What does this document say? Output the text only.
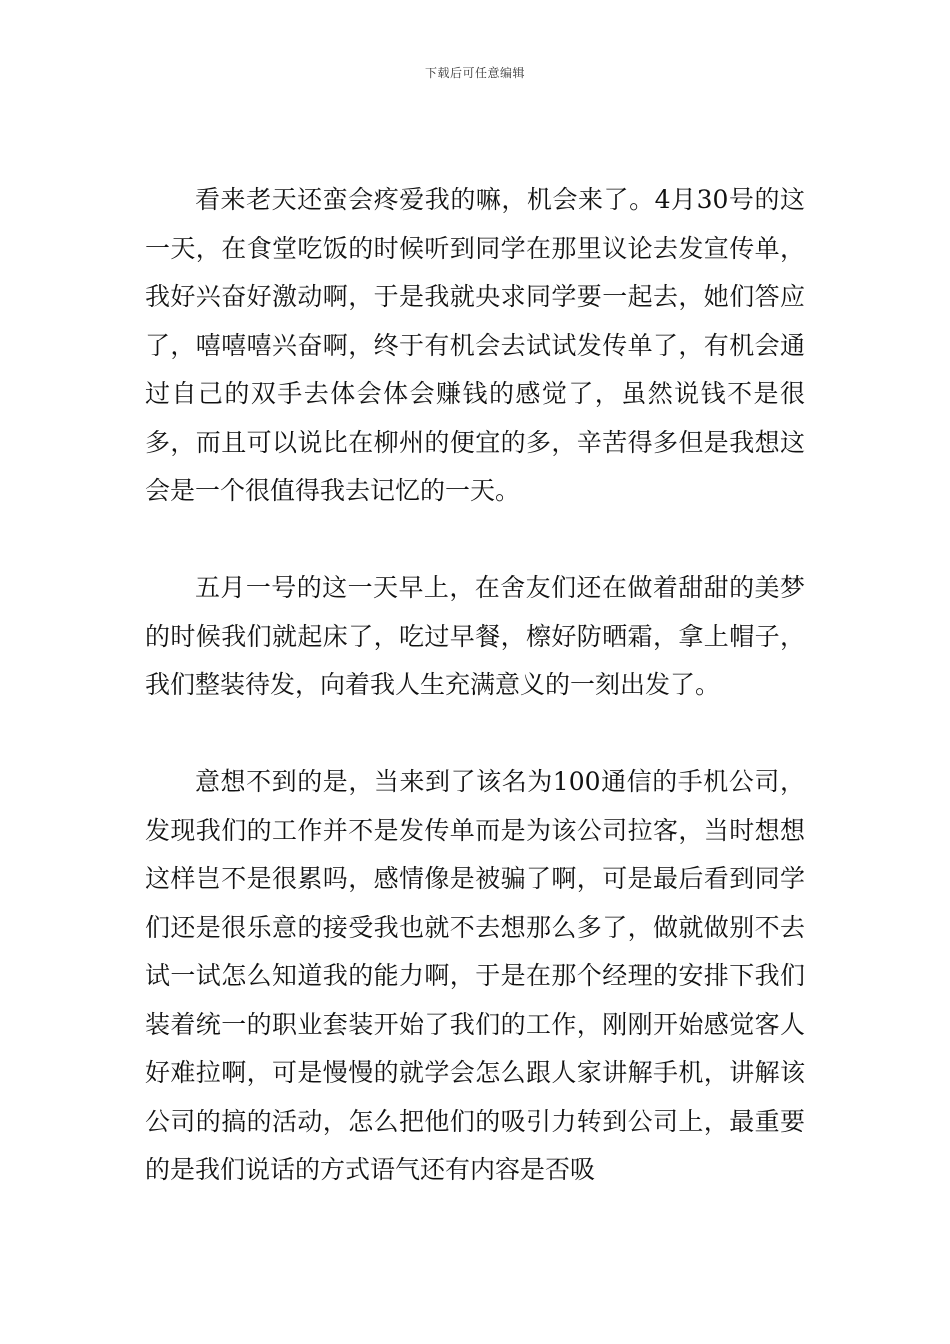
下载后可任意编辑

看来老天还蛮会疼爱我的嘛，机会来了。4月30号的这一天，在食堂吃饭的时候听到同学在那里议论去发宣传单，我好兴奋好激动啊，于是我就央求同学要一起去，她们答应了，嘻嘻嘻兴奋啊，终于有机会去试试发传单了，有机会通过自己的双手去体会体会赚钱的感觉了，虽然说钱不是很多，而且可以说比在柳州的便宜的多，辛苦得多但是我想这会是一个很值得我去记忆的一天。

五月一号的这一天早上，在舍友们还在做着甜甜的美梦的时候我们就起床了，吃过早餐，檫好防晒霜，拿上帽子，我们整装待发，向着我人生充满意义的一刻出发了。

意想不到的是，当来到了该名为100通信的手机公司，发现我们的工作并不是发传单而是为该公司拉客，当时想想这样岂不是很累吗，感情像是被骗了啊，可是最后看到同学们还是很乐意的接受我也就不去想那么多了，做就做别不去试一试怎么知道我的能力啊，于是在那个经理的安排下我们装着统一的职业套装开始了我们的工作，刚刚开始感觉客人好难拉啊，可是慢慢的就学会怎么跟人家讲解手机，讲解该公司的搞的活动，怎么把他们的吸引力转到公司上，最重要的是我们说话的方式语气还有内容是否吸
